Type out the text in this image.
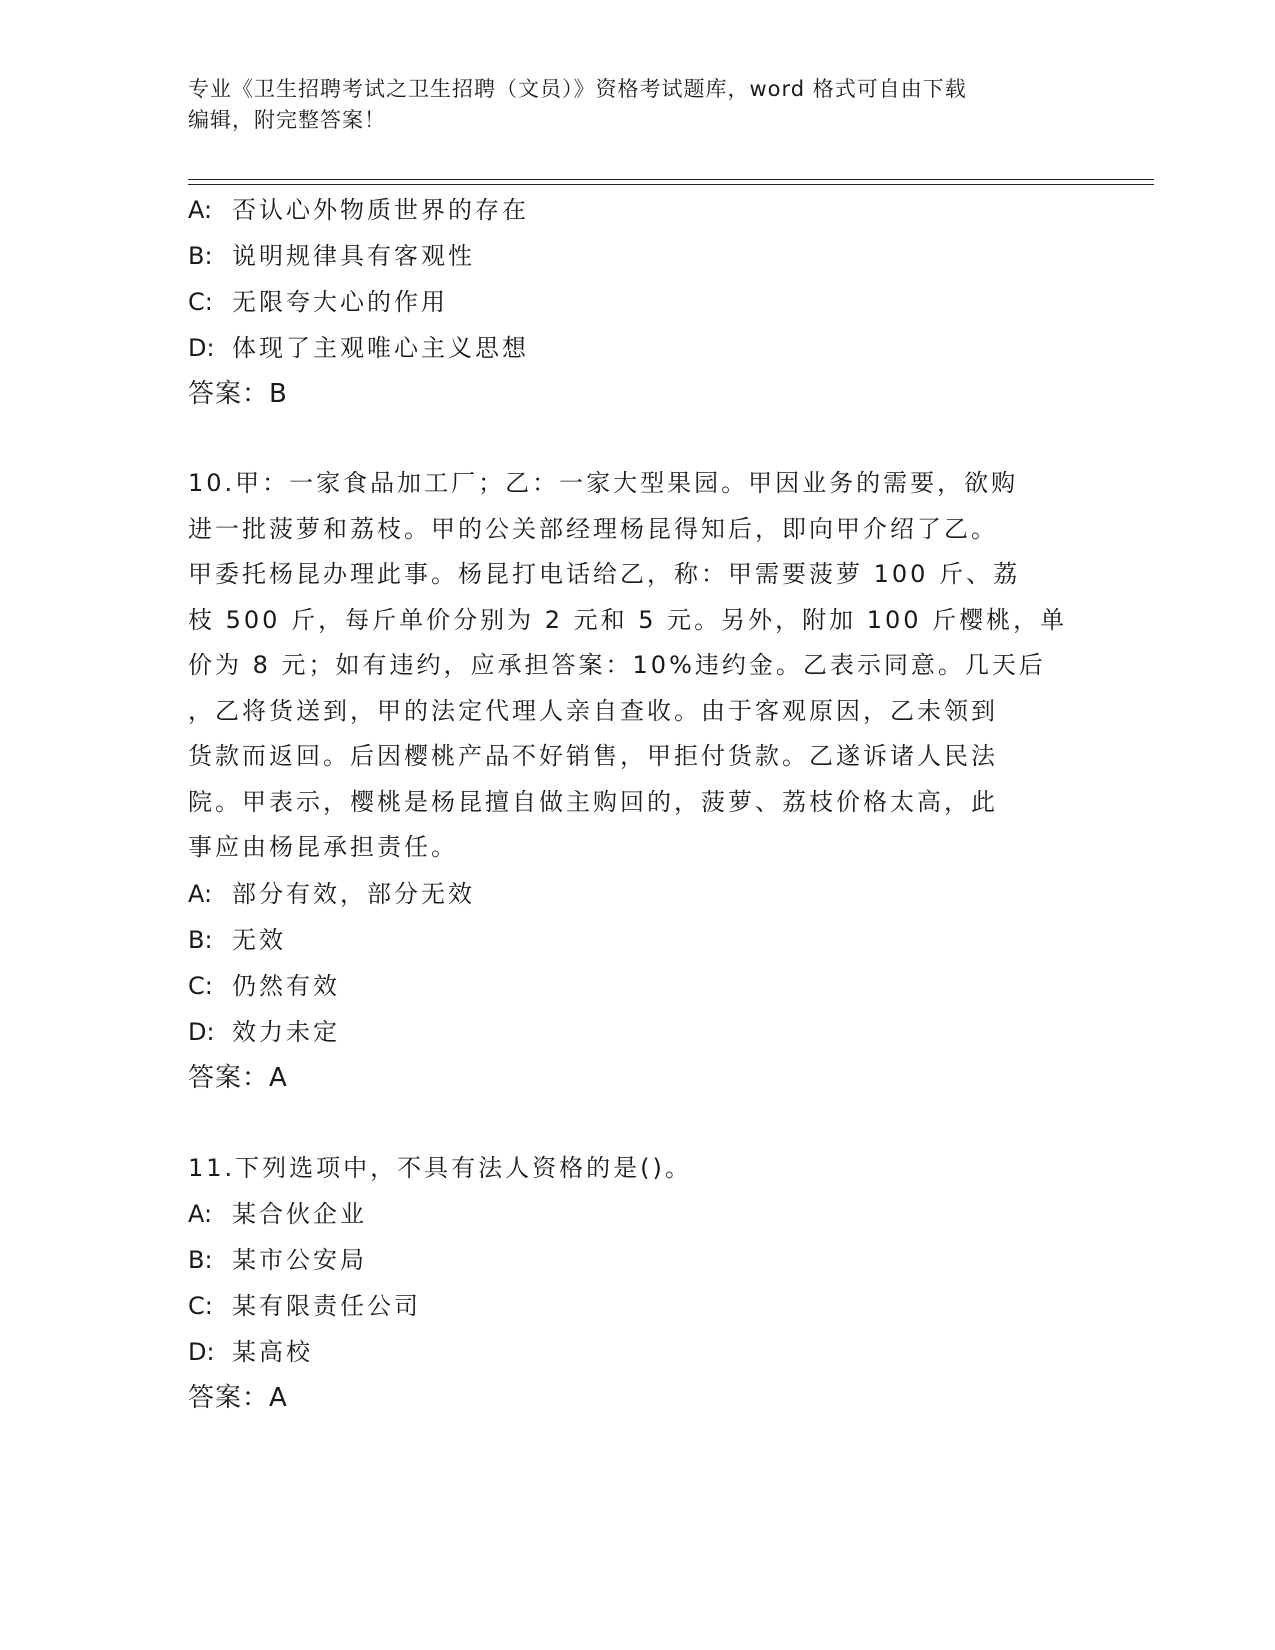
专业《卫生招聘考试之卫生招聘（文员）》资格考试题库，word 格式可自由下载
编辑，附完整答案！
A: 否认心外物质世界的存在
B: 说明规律具有客观性
C: 无限夸大心的作用
D: 体现了主观唯心主义思想
答案：B
10.甲：一家食品加工厂；乙：一家大型果园。甲因业务的需要，欲购
进一批菠萝和荔枝。甲的公关部经理杨昆得知后，即向甲介绍了乙。
甲委托杨昆办理此事。杨昆打电话给乙，称：甲需要菠萝 100 斤、荔
枝 500 斤，每斤单价分别为 2 元和 5 元。另外，附加 100 斤樱桃，单
价为 8 元；如有违约，应承担答案：10%违约金。乙表示同意。几天后
，乙将货送到，甲的法定代理人亲自查收。由于客观原因，乙未领到
货款而返回。后因樱桃产品不好销售，甲拒付货款。乙遂诉诸人民法
院。甲表示，樱桃是杨昆擅自做主购回的，菠萝、荔枝价格太高，此
事应由杨昆承担责任。
A: 部分有效，部分无效
B: 无效
C: 仍然有效
D: 效力未定
答案：A
11.下列选项中，不具有法人资格的是()。
A: 某合伙企业
B: 某市公安局
C: 某有限责任公司
D: 某高校
答案：A
